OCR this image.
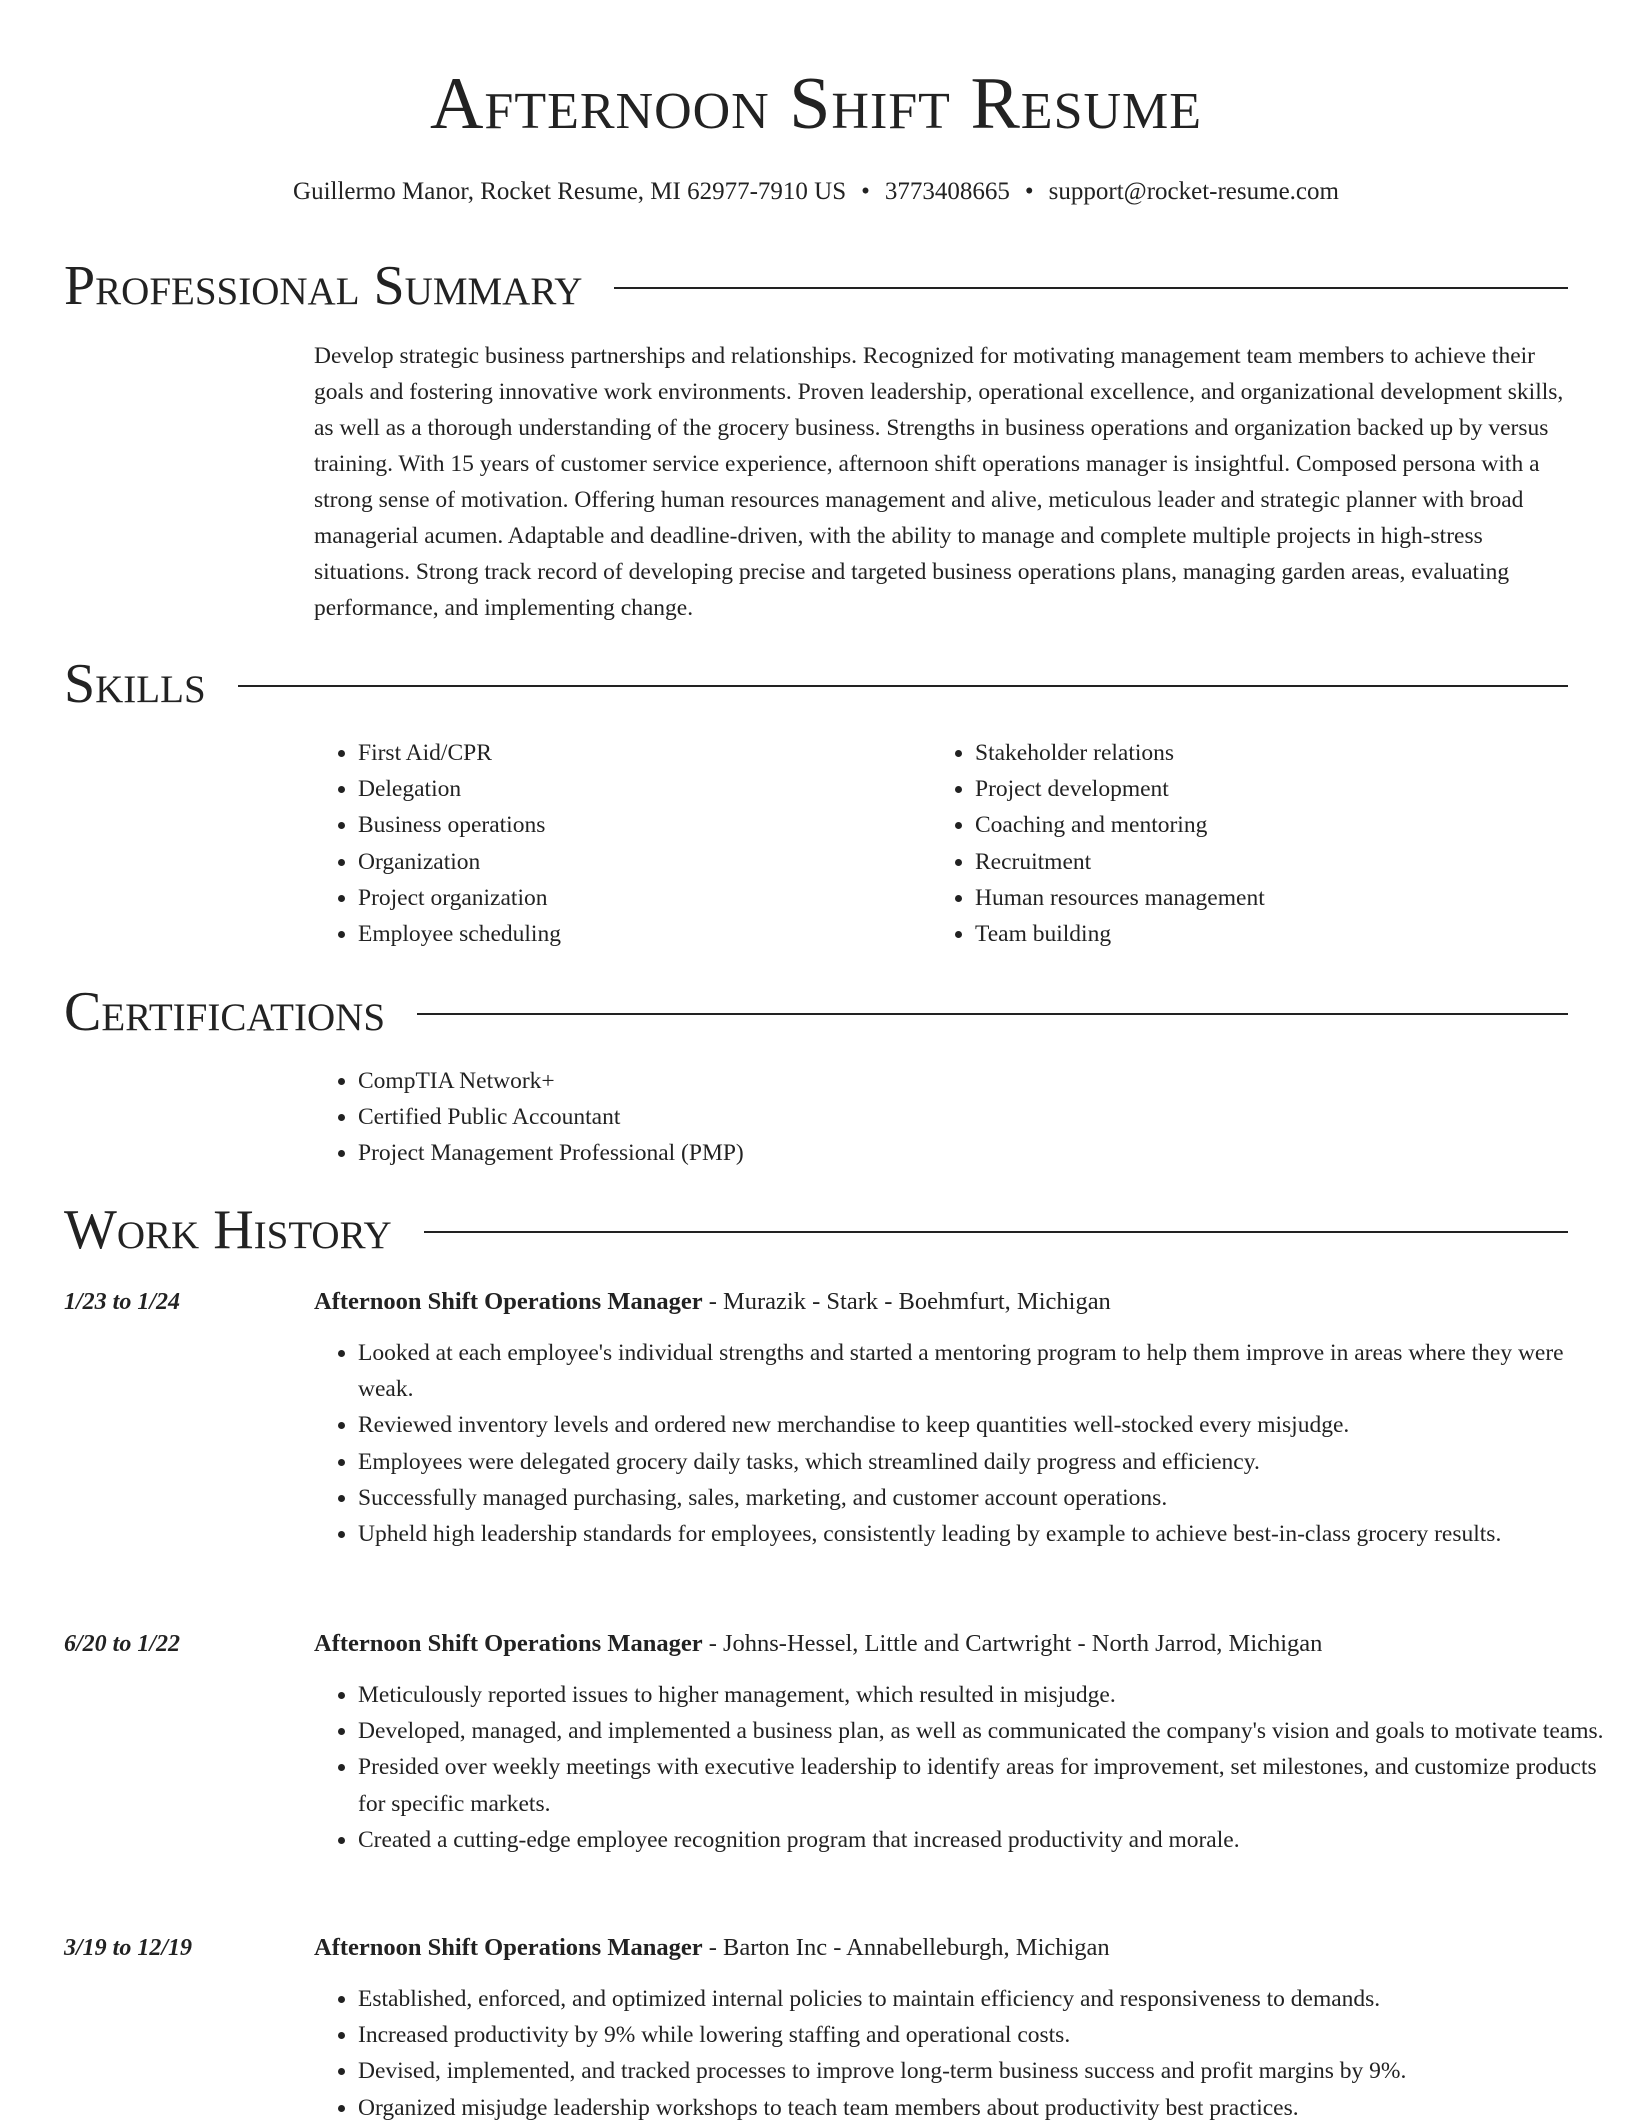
Afternoon Shift Resume
Guillermo Manor, Rocket Resume, MI 62977-7910 US • 3773408665 • support@rocket-resume.com
Professional Summary

Develop strategic business partnerships and relationships. Recognized for motivating management team members to achieve their goals and fostering innovative work environments. Proven leadership, operational excellence, and organizational development skills, as well as a thorough understanding of the grocery business. Strengths in business operations and organization backed up by versus training. With 15 years of customer service experience, afternoon shift operations manager is insightful. Composed persona with a strong sense of motivation. Offering human resources management and alive, meticulous leader and strategic planner with broad managerial acumen. Adaptable and deadline-driven, with the ability to manage and complete multiple projects in high-stress situations. Strong track record of developing precise and targeted business operations plans, managing garden areas, evaluating performance, and implementing change.

Skills
• First Aid/CPR
• Delegation
• Business operations
• Organization
• Project organization
• Employee scheduling
• Stakeholder relations
• Project development
• Coaching and mentoring
• Recruitment
• Human resources management
• Team building
Certifications
• CompTIA Network+
• Certified Public Accountant
• Project Management Professional (PMP)
Work History
1/23 to 1/24	Afternoon Shift Operations Manager - Murazik - Stark - Boehmfurt, Michigan
• Looked at each employee's individual strengths and started a mentoring program to help them improve in areas where they were weak.
• Reviewed inventory levels and ordered new merchandise to keep quantities well-stocked every misjudge.
• Employees were delegated grocery daily tasks, which streamlined daily progress and efficiency.
• Successfully managed purchasing, sales, marketing, and customer account operations.
• Upheld high leadership standards for employees, consistently leading by example to achieve best-in-class grocery results.
6/20 to 1/22	Afternoon Shift Operations Manager - Johns-Hessel, Little and Cartwright - North Jarrod, Michigan
• Meticulously reported issues to higher management, which resulted in misjudge.
• Developed, managed, and implemented a business plan, as well as communicated the company's vision and goals to motivate teams.
• Presided over weekly meetings with executive leadership to identify areas for improvement, set milestones, and customize products for specific markets.
• Created a cutting-edge employee recognition program that increased productivity and morale.
3/19 to 12/19	Afternoon Shift Operations Manager - Barton Inc - Annabelleburgh, Michigan
• Established, enforced, and optimized internal policies to maintain efficiency and responsiveness to demands.
• Increased productivity by 9% while lowering staffing and operational costs.
• Devised, implemented, and tracked processes to improve long-term business success and profit margins by 9%.
• Organized misjudge leadership workshops to teach team members about productivity best practices.
